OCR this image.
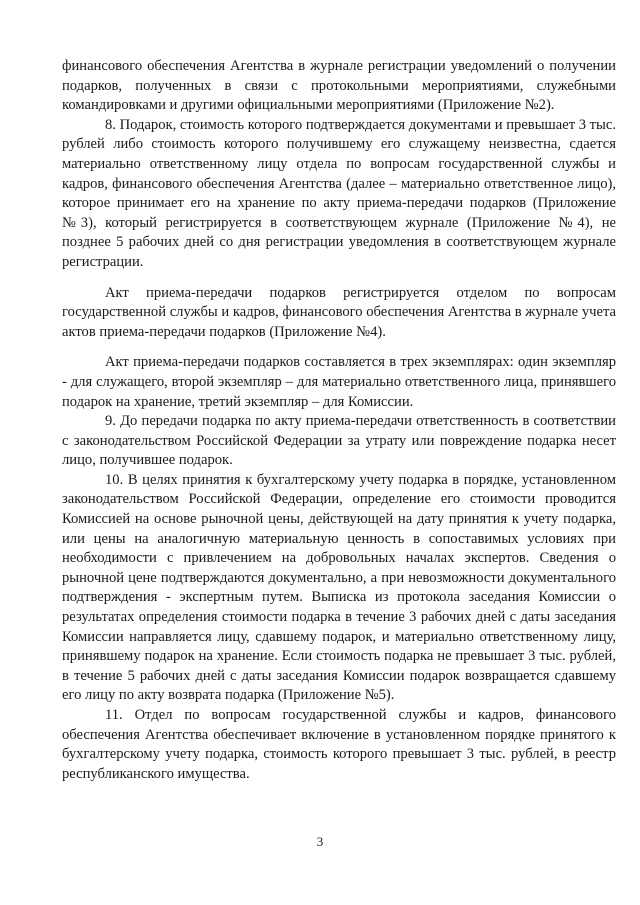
финансового обеспечения Агентства в журнале регистрации уведомлений о получении подарков, полученных в связи с протокольными мероприятиями, служебными командировками и другими официальными мероприятиями (Приложение №2).

8. Подарок, стоимость которого подтверждается документами и превышает 3 тыс. рублей либо стоимость которого получившему его служащему неизвестна, сдается материально ответственному лицу отдела по вопросам государственной службы и кадров, финансового обеспечения Агентства (далее – материально ответственное лицо), которое принимает его на хранение по акту приема-передачи подарков (Приложение №3), который регистрируется в соответствующем журнале (Приложение №4), не позднее 5 рабочих дней со дня регистрации уведомления в соответствующем журнале регистрации.

Акт приема-передачи подарков регистрируется отделом по вопросам государственной службы и кадров, финансового обеспечения Агентства в журнале учета актов приема-передачи подарков (Приложение №4).

Акт приема-передачи подарков составляется в трех экземплярах: один экземпляр - для служащего, второй экземпляр – для материально ответственного лица, принявшего подарок на хранение, третий экземпляр – для Комиссии.

9. До передачи подарка по акту приема-передачи ответственность в соответствии с законодательством Российской Федерации за утрату или повреждение подарка несет лицо, получившее подарок.

10. В целях принятия к бухгалтерскому учету подарка в порядке, установленном законодательством Российской Федерации, определение его стоимости проводится Комиссией на основе рыночной цены, действующей на дату принятия к учету подарка, или цены на аналогичную материальную ценность в сопоставимых условиях при необходимости с привлечением на добровольных началах экспертов. Сведения о рыночной цене подтверждаются документально, а при невозможности документального подтверждения - экспертным путем. Выписка из протокола заседания Комиссии о результатах определения стоимости подарка в течение 3 рабочих дней с даты заседания Комиссии направляется лицу, сдавшему подарок, и материально ответственному лицу, принявшему подарок на хранение. Если стоимость подарка не превышает 3 тыс. рублей, в течение 5 рабочих дней с даты заседания Комиссии подарок возвращается сдавшему его лицу по акту возврата подарка (Приложение №5).

11. Отдел по вопросам государственной службы и кадров, финансового обеспечения Агентства обеспечивает включение в установленном порядке принятого к бухгалтерскому учету подарка, стоимость которого превышает 3 тыс. рублей, в реестр республиканского имущества.

3
